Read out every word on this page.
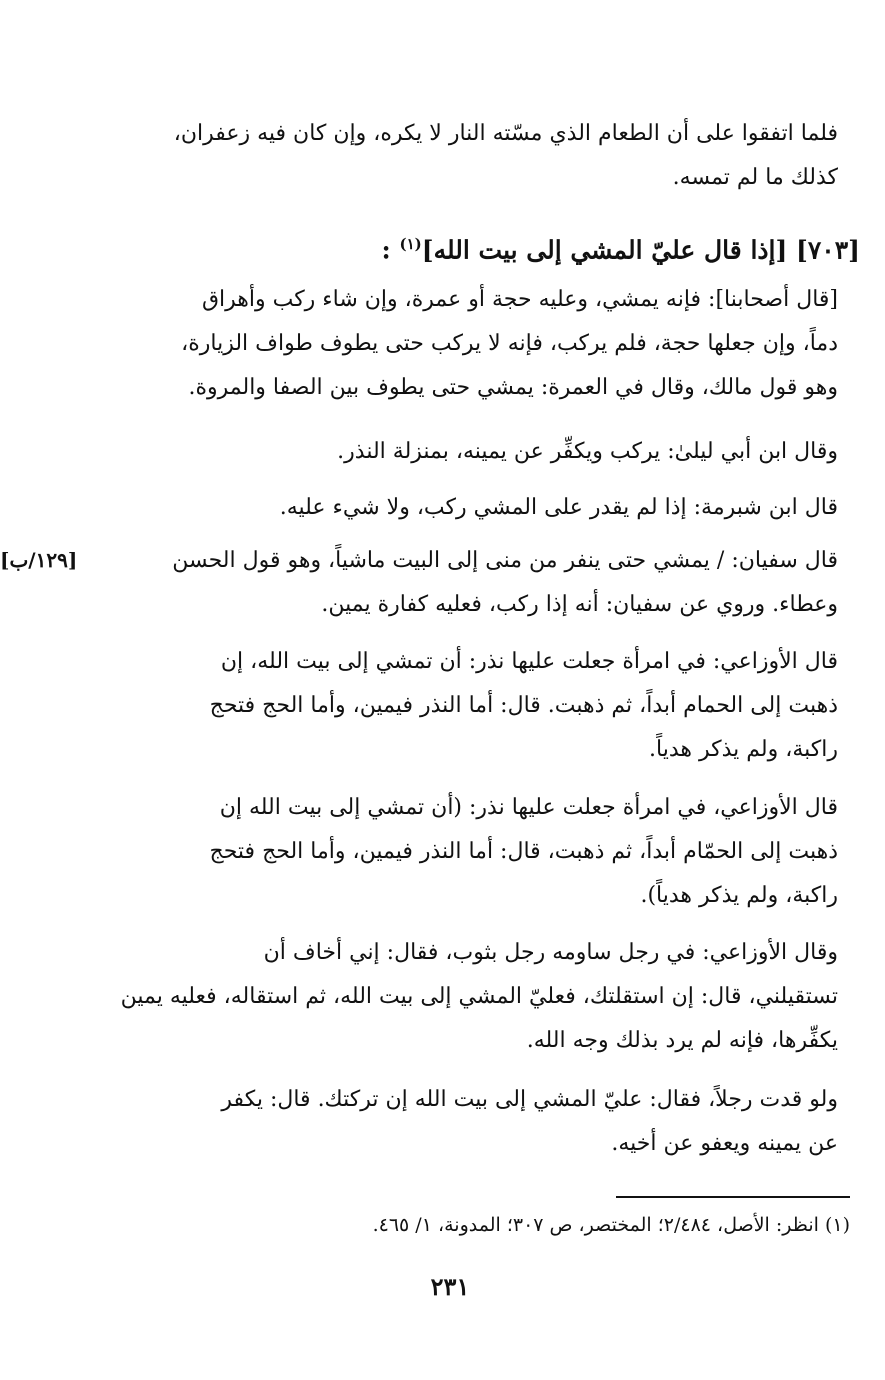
فلما اتفقوا على أن الطعام الذي مسّته النار لا يكره، وإن كان فيه زعفران،
كذلك ما لم تمسه.
[٧٠٣] [إذا قال عليّ المشي إلى بيت الله]$^{(١)}$ :
[قال أصحابنا]: فإنه يمشي، وعليه حجة أو عمرة، وإن شاء ركب وأهراق
دماً، وإن جعلها حجة، فلم يركب، فإنه لا يركب حتى يطوف طواف الزيارة،
وهو قول مالك، وقال في العمرة: يمشي حتى يطوف بين الصفا والمروة.
وقال ابن أبي ليلىٰ: يركب ويكفِّر عن يمينه، بمنزلة النذر.
قال ابن شبرمة: إذا لم يقدر على المشي ركب، ولا شيء عليه.
قال سفيان: / يمشي حتى ينفر من منى إلى البيت ماشياً، وهو قول الحسن
وعطاء. وروي عن سفيان: أنه إذا ركب، فعليه كفارة يمين.
[١٢٩/ب]
قال الأوزاعي: في امرأة جعلت عليها نذر: أن تمشي إلى بيت الله، إن
ذهبت إلى الحمام أبداً، ثم ذهبت. قال: أما النذر فيمين، وأما الحج فتحج
راكبة، ولم يذكر هدياً.
قال الأوزاعي، في امرأة جعلت عليها نذر: (أن تمشي إلى بيت الله إن
ذهبت إلى الحمّام أبداً، ثم ذهبت، قال: أما النذر فيمين، وأما الحج فتحج
راكبة، ولم يذكر هدياً).
وقال الأوزاعي: في رجل ساومه رجل بثوب، فقال: إني أخاف أن
تستقيلني، قال: إن استقلتك، فعليّ المشي إلى بيت الله، ثم استقاله، فعليه يمين
يكفِّرها، فإنه لم يرد بذلك وجه الله.
ولو قدت رجلاً، فقال: عليّ المشي إلى بيت الله إن تركتك. قال: يكفر
عن يمينه ويعفو عن أخيه.
(١) انظر: الأصل، ٢/٤٨٤؛ المختصر، ص ٣٠٧؛ المدونة، ١/ ٤٦٥.
٢٣١
